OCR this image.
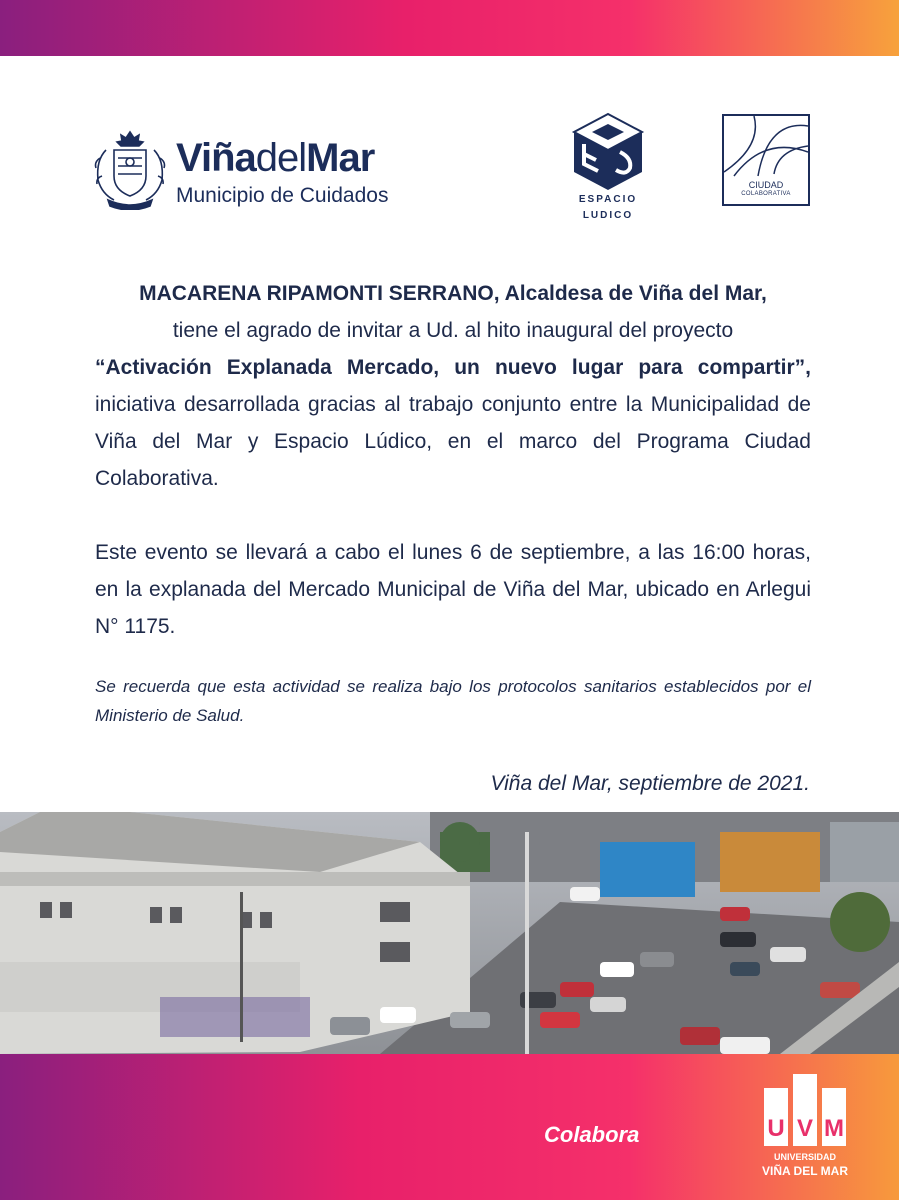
ViñadelMar
Municipio de Cuidados	ESPACIO
LUDICO
CIUDAD
COLABORATIVA

MACARENA RIPAMONTI SERRANO, Alcaldesa de Viña del Mar,
tiene el agrado de invitar a Ud. al hito inaugural del proyecto
“Activación Explanada Mercado, un nuevo lugar para compartir”, iniciativa desarrollada gracias al trabajo conjunto entre la Municipalidad de Viña del Mar y Espacio Lúdico, en el marco del Programa Ciudad Colaborativa.

Este evento se llevará a cabo el lunes 6 de septiembre, a las 16:00 horas, en la explanada del Mercado Municipal de Viña del Mar, ubicado en Arlegui N° 1175.

Se recuerda que esta actividad se realiza bajo los protocolos sanitarios establecidos por el Ministerio de Salud.

Viña del Mar, septiembre de 2021.
Colabora	U V M
UNIVERSIDAD
VIÑA DEL MAR
